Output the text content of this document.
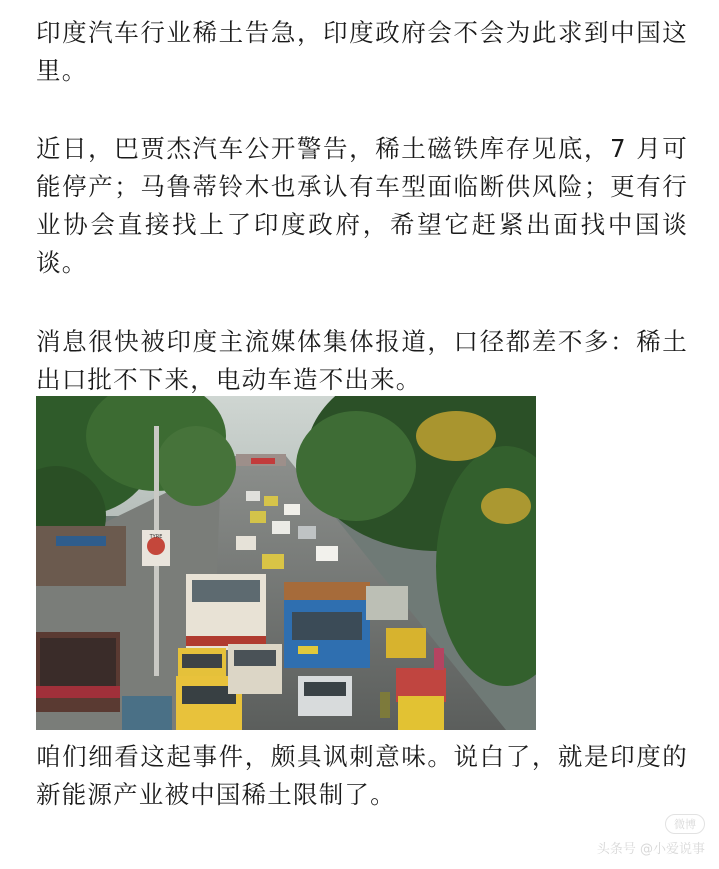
印度汽车行业稀土告急，印度政府会不会为此求到中国这里。

近日，巴贾杰汽车公开警告，稀土磁铁库存见底，7 月可能停产；马鲁蒂铃木也承认有车型面临断供风险；更有行业协会直接找上了印度政府，希望它赶紧出面找中国谈谈。

消息很快被印度主流媒体集体报道，口径都差不多：稀土出口批不下来，电动车造不出来。

TYRE

咱们细看这起事件，颇具讽刺意味。说白了，就是印度的新能源产业被中国稀土限制了。

微博
头条号 @小爱说事
